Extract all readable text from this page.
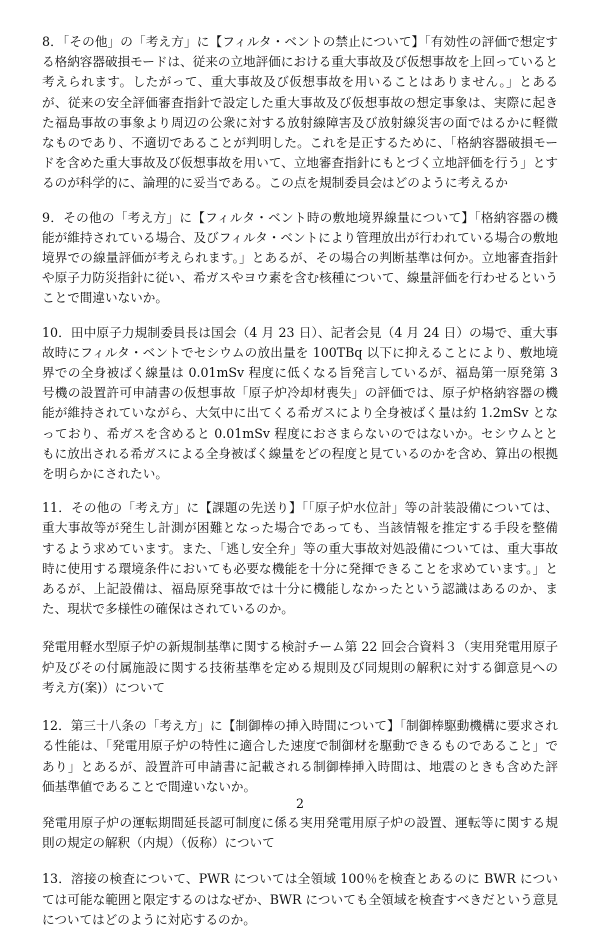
8．「その他」の「考え方」に【フィルタ・ベントの禁止について】「有効性の評価で想定する格納容器破損モードは、従来の立地評価における重大事故及び仮想事故を上回っていると考えられます。したがって、重大事故及び仮想事故を用いることはありません。」とあるが、従来の安全評価審査指針で設定した重大事故及び仮想事故の想定事象は、実際に起きた福島事故の事象より周辺の公衆に対する放射線障害及び放射線災害の面ではるかに軽微なものであり、不適切であることが判明した。これを是正するために、「格納容器破損モードを含めた重大事故及び仮想事故を用いて、立地審査指針にもとづく立地評価を行う」とするのが科学的に、論理的に妥当である。この点を規制委員会はどのように考えるか

9．その他の「考え方」に【フィルタ・ベント時の敷地境界線量について】「格納容器の機能が維持されている場合、及びフィルタ・ベントにより管理放出が行われている場合の敷地境界での線量評価が考えられます。」とあるが、その場合の判断基準は何か。立地審査指針や原子力防災指針に従い、希ガスやヨウ素を含む核種について、線量評価を行わせるということで間違いないか。

10．田中原子力規制委員長は国会（4 月 23 日）、記者会見（4 月 24 日）の場で、重大事故時にフィルタ・ベントでセシウムの放出量を 100TBq 以下に抑えることにより、敷地境界での全身被ばく線量は 0.01mSv 程度に低くなる旨発言しているが、福島第一原発第 3 号機の設置許可申請書の仮想事故「原子炉冷却材喪失」の評価では、原子炉格納容器の機能が維持されていながら、大気中に出てくる希ガスにより全身被ばく量は約 1.2mSv となっており、希ガスを含めると 0.01mSv 程度におさまらないのではないか。セシウムとともに放出される希ガスによる全身被ばく線量をどの程度と見ているのかを含め、算出の根拠を明らかにされたい。

11．その他の「考え方」に【課題の先送り】「「原子炉水位計」等の計装設備については、重大事故等が発生し計測が困難となった場合であっても、当該情報を推定する手段を整備するよう求めています。また、「逃し安全弁」等の重大事故対処設備については、重大事故時に使用する環境条件においても必要な機能を十分に発揮できることを求めています。」とあるが、上記設備は、福島原発事故では十分に機能しなかったという認識はあるのか、また、現状で多様性の確保はされているのか。

発電用軽水型原子炉の新規制基準に関する検討チーム第 22 回会合資料３（実用発電用原子炉及びその付属施設に関する技術基準を定める規則及び同規則の解釈に対する御意見への考え方(案)）について

12．第三十八条の「考え方」に【制御棒の挿入時間について】「制御棒駆動機構に要求される性能は、「発電用原子炉の特性に適合した速度で制御材を駆動できるものであること」であり」とあるが、設置許可申請書に記載される制御棒挿入時間は、地震のときも含めた評価基準値であることで間違いないか。

発電用原子炉の運転期間延長認可制度に係る実用発電用原子炉の設置、運転等に関する規則の規定の解釈（内規）（仮称）について

13．溶接の検査について、PWR については全領域 100％を検査とあるのに BWR については可能な範囲と限定するのはなぜか、BWR についても全領域を検査すべきだという意見についてはどのように対応するのか。

2
